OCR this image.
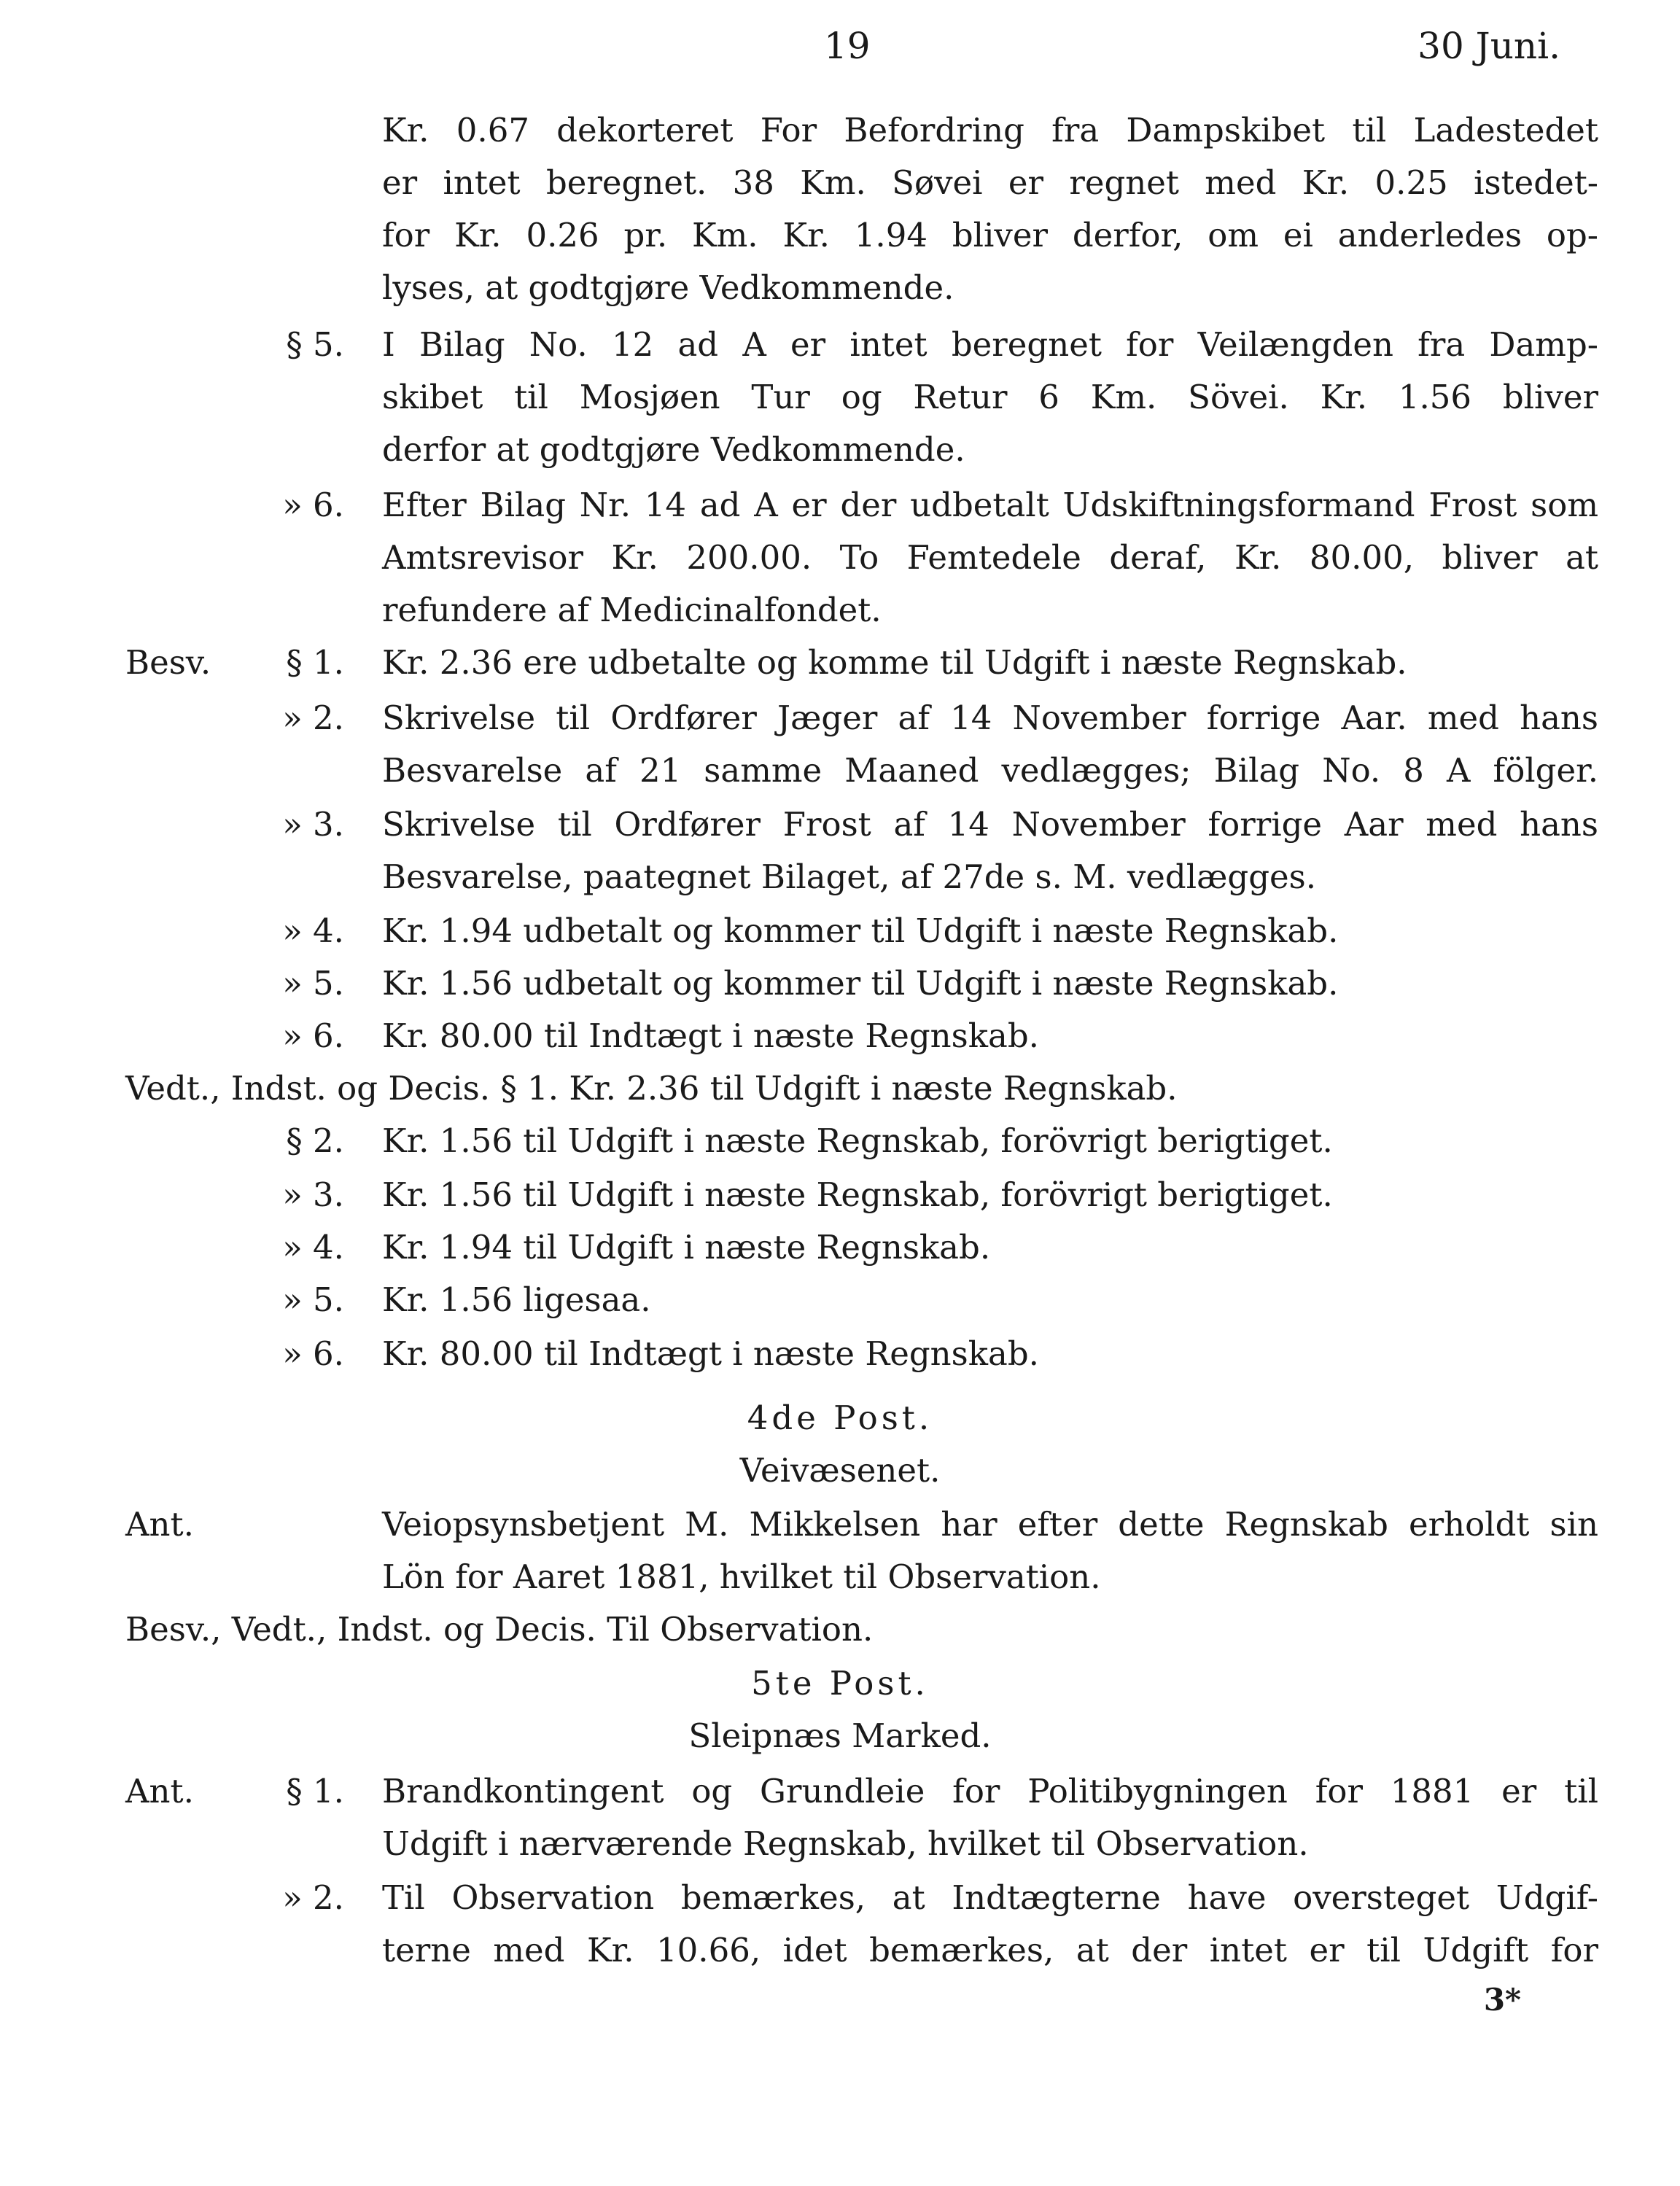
19	30 Juni.
Kr. 0.67 dekorteret For Befordring fra Dampskibet til Ladestedet
er intet beregnet. 38 Km. Søvei er regnet med Kr. 0.25 istedet-
for Kr. 0.26 pr. Km. Kr. 1.94 bliver derfor, om ei anderledes op-
lyses, at godtgjøre Vedkommende.
§ 5. I Bilag No. 12 ad A er intet beregnet for Veilængden fra Damp-
skibet til Mosjøen Tur og Retur 6 Km. Sövei. Kr. 1.56 bliver
derfor at godtgjøre Vedkommende.
» 6. Efter Bilag Nr. 14 ad A er der udbetalt Udskiftningsformand Frost som
Amtsrevisor Kr. 200.00. To Femtedele deraf, Kr. 80.00, bliver at
refundere af Medicinalfondet.
Besv.	§ 1. Kr. 2.36 ere udbetalte og komme til Udgift i næste Regnskab.
» 2. Skrivelse til Ordfører Jæger af 14 November forrige Aar. med hans
Besvarelse af 21 samme Maaned vedlægges; Bilag No. 8 A fölger.
» 3. Skrivelse til Ordfører Frost af 14 November forrige Aar med hans
Besvarelse, paategnet Bilaget, af 27de s. M. vedlægges.
» 4. Kr. 1.94 udbetalt og kommer til Udgift i næste Regnskab.
» 5. Kr. 1.56 udbetalt og kommer til Udgift i næste Regnskab.
» 6. Kr. 80.00 til Indtægt i næste Regnskab.
Vedt., Indst. og Decis. § 1. Kr. 2.36 til Udgift i næste Regnskab.
§ 2. Kr. 1.56 til Udgift i næste Regnskab, forövrigt berigtiget.
» 3. Kr. 1.56 til Udgift i næste Regnskab, forövrigt berigtiget.
» 4. Kr. 1.94 til Udgift i næste Regnskab.
» 5. Kr. 1.56 ligesaa.
» 6. Kr. 80.00 til Indtægt i næste Regnskab.
4de Post.
Veivæsenet.
Ant.	Veiopsynsbetjent M. Mikkelsen har efter dette Regnskab erholdt sin
Lön for Aaret 1881, hvilket til Observation.
Besv., Vedt., Indst. og Decis. Til Observation.
5te Post.
Sleipnæs Marked.
Ant.	§ 1. Brandkontingent og Grundleie for Politibygningen for 1881 er til
Udgift i nærværende Regnskab, hvilket til Observation.
» 2. Til Observation bemærkes, at Indtægterne have oversteget Udgif-
terne med Kr. 10.66, idet bemærkes, at der intet er til Udgift for
3*
